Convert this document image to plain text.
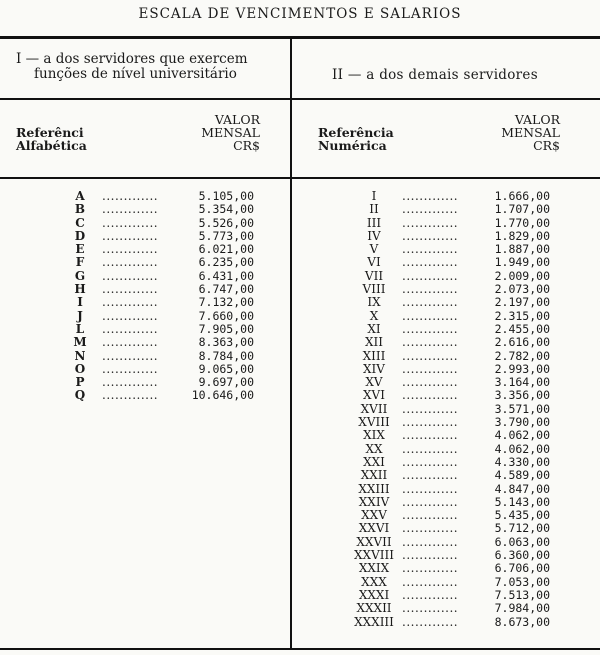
ESCALA DE VENCIMENTOS E SALARIOS
I — a dos servidores que exercem
funções de nível universitário	II — a dos demais servidores
Referênci
Alfabética
VALOR
MENSAL
CR$
Referência
Numérica
VALOR
MENSAL
CR$
A	.............	5.105,00
B	.............	5.354,00
C	.............	5.526,00
D	.............	5.773,00
E	.............	6.021,00
F	.............	6.235,00
G	.............	6.431,00
H	.............	6.747,00
I	.............	7.132,00
J	.............	7.660,00
L	.............	7.905,00
M	.............	8.363,00
N	.............	8.784,00
O	.............	9.065,00
P	.............	9.697,00
Q	.............	10.646,00
I	.............	1.666,00
II	.............	1.707,00
III	.............	1.770,00
IV	.............	1.829,00
V	.............	1.887,00
VI	.............	1.949,00
VII	.............	2.009,00
VIII	.............	2.073,00
IX	.............	2.197,00
X	.............	2.315,00
XI	.............	2.455,00
XII	.............	2.616,00
XIII	.............	2.782,00
XIV	.............	2.993,00
XV	.............	3.164,00
XVI	.............	3.356,00
XVII	.............	3.571,00
XVIII	.............	3.790,00
XIX	.............	4.062,00
XX	.............	4.062,00
XXI	.............	4.330,00
XXII	.............	4.589,00
XXIII	.............	4.847,00
XXIV	.............	5.143,00
XXV	.............	5.435,00
XXVI	.............	5.712,00
XXVII .............	6.063,00
XXVIII .............	6.360,00
XXIX	.............	6.706,00
XXX	.............	7.053,00
XXXI	.............	7.513,00
XXXII .............	7.984,00
XXXIII .............	8.673,00
